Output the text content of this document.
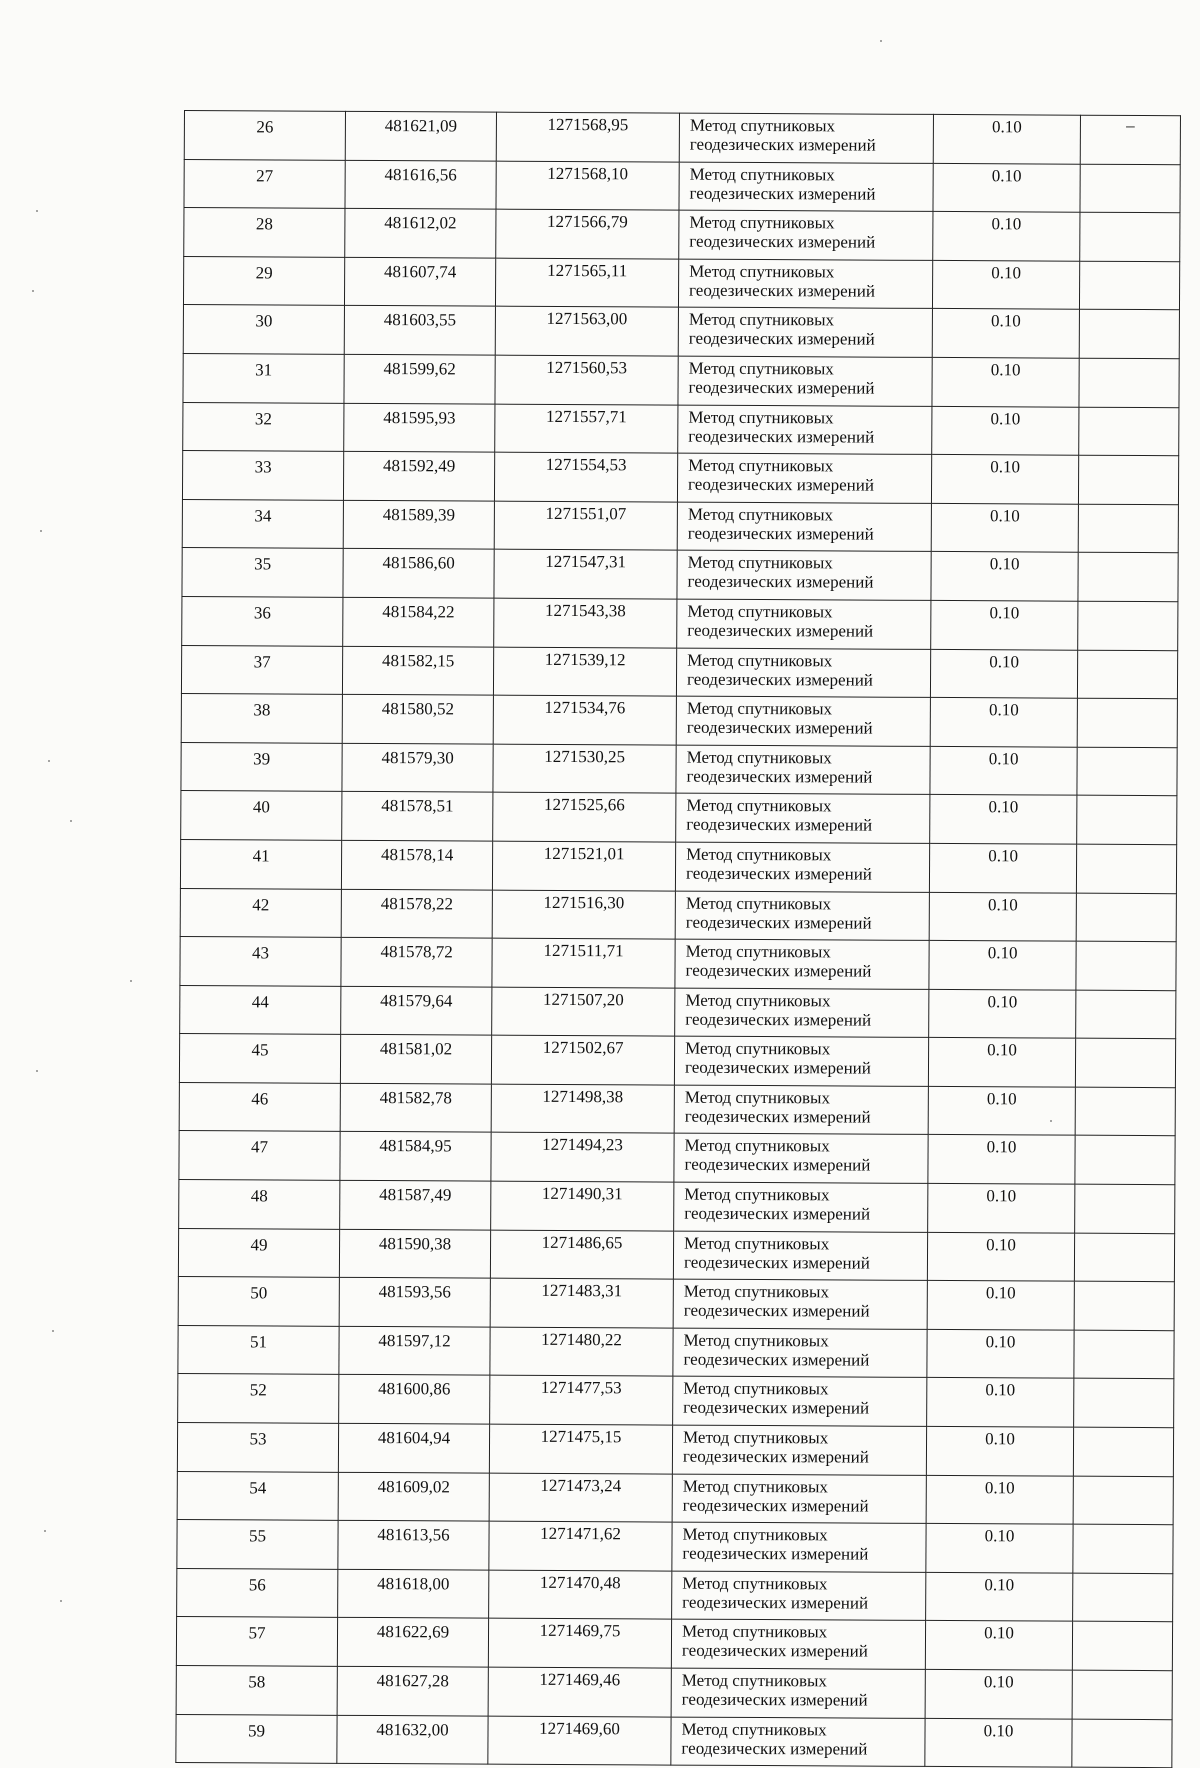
26	481621,09	1271568,95	Метод спутниковых
геодезических измерений	0.10	–
27	481616,56	1271568,10	Метод спутниковых
геодезических измерений	0.10	
28	481612,02	1271566,79	Метод спутниковых
геодезических измерений	0.10	
29	481607,74	1271565,11	Метод спутниковых
геодезических измерений	0.10	
30	481603,55	1271563,00	Метод спутниковых
геодезических измерений	0.10	
31	481599,62	1271560,53	Метод спутниковых
геодезических измерений	0.10	
32	481595,93	1271557,71	Метод спутниковых
геодезических измерений	0.10	
33	481592,49	1271554,53	Метод спутниковых
геодезических измерений	0.10	
34	481589,39	1271551,07	Метод спутниковых
геодезических измерений	0.10	
35	481586,60	1271547,31	Метод спутниковых
геодезических измерений	0.10	
36	481584,22	1271543,38	Метод спутниковых
геодезических измерений	0.10	
37	481582,15	1271539,12	Метод спутниковых
геодезических измерений	0.10	
38	481580,52	1271534,76	Метод спутниковых
геодезических измерений	0.10	
39	481579,30	1271530,25	Метод спутниковых
геодезических измерений	0.10	
40	481578,51	1271525,66	Метод спутниковых
геодезических измерений	0.10	
41	481578,14	1271521,01	Метод спутниковых
геодезических измерений	0.10	
42	481578,22	1271516,30	Метод спутниковых
геодезических измерений	0.10	
43	481578,72	1271511,71	Метод спутниковых
геодезических измерений	0.10	
44	481579,64	1271507,20	Метод спутниковых
геодезических измерений	0.10	
45	481581,02	1271502,67	Метод спутниковых
геодезических измерений	0.10	
46	481582,78	1271498,38	Метод спутниковых
геодезических измерений	0.10	
47	481584,95	1271494,23	Метод спутниковых
геодезических измерений	0.10	
48	481587,49	1271490,31	Метод спутниковых
геодезических измерений	0.10	
49	481590,38	1271486,65	Метод спутниковых
геодезических измерений	0.10	
50	481593,56	1271483,31	Метод спутниковых
геодезических измерений	0.10	
51	481597,12	1271480,22	Метод спутниковых
геодезических измерений	0.10	
52	481600,86	1271477,53	Метод спутниковых
геодезических измерений	0.10	
53	481604,94	1271475,15	Метод спутниковых
геодезических измерений	0.10	
54	481609,02	1271473,24	Метод спутниковых
геодезических измерений	0.10	
55	481613,56	1271471,62	Метод спутниковых
геодезических измерений	0.10	
56	481618,00	1271470,48	Метод спутниковых
геодезических измерений	0.10	
57	481622,69	1271469,75	Метод спутниковых
геодезических измерений	0.10	
58	481627,28	1271469,46	Метод спутниковых
геодезических измерений	0.10	
59	481632,00	1271469,60	Метод спутниковых
геодезических измерений	0.10	
